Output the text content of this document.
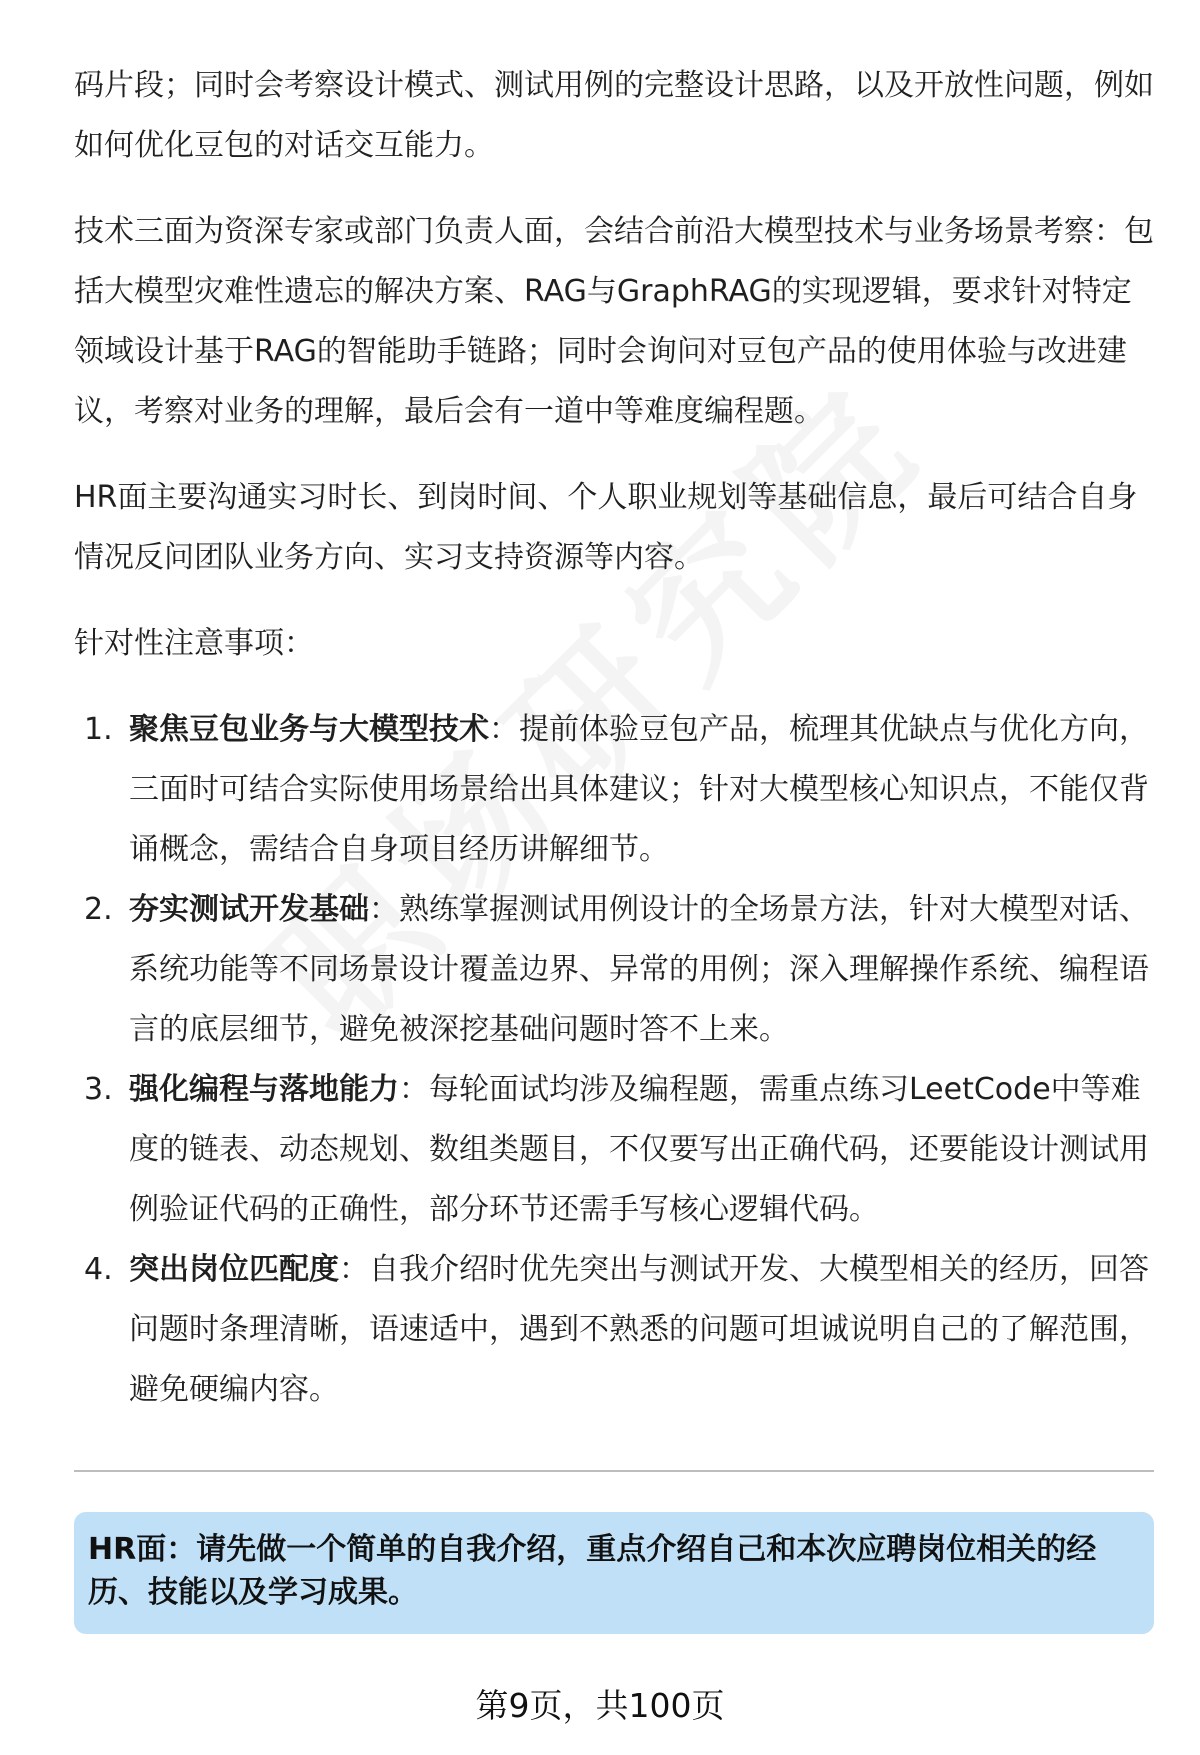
码片段；同时会考察设计模式、测试用例的完整设计思路，以及开放性问题，例如如何优化豆包的对话交互能力。

技术三面为资深专家或部门负责人面，会结合前沿大模型技术与业务场景考察：包括大模型灾难性遗忘的解决方案、RAG与GraphRAG的实现逻辑，要求针对特定领域设计基于RAG的智能助手链路；同时会询问对豆包产品的使用体验与改进建议，考察对业务的理解，最后会有一道中等难度编程题。

HR面主要沟通实习时长、到岗时间、个人职业规划等基础信息，最后可结合自身情况反问团队业务方向、实习支持资源等内容。

针对性注意事项：

1. 聚焦豆包业务与大模型技术：提前体验豆包产品，梳理其优缺点与优化方向，三面时可结合实际使用场景给出具体建议；针对大模型核心知识点，不能仅背诵概念，需结合自身项目经历讲解细节。
2. 夯实测试开发基础：熟练掌握测试用例设计的全场景方法，针对大模型对话、系统功能等不同场景设计覆盖边界、异常的用例；深入理解操作系统、编程语言的底层细节，避免被深挖基础问题时答不上来。
3. 强化编程与落地能力：每轮面试均涉及编程题，需重点练习LeetCode中等难度的链表、动态规划、数组类题目，不仅要写出正确代码，还要能设计测试用例验证代码的正确性，部分环节还需手写核心逻辑代码。
4. 突出岗位匹配度：自我介绍时优先突出与测试开发、大模型相关的经历，回答问题时条理清晰，语速适中，遇到不熟悉的问题可坦诚说明自己的了解范围，避免硬编内容。
HR面：请先做一个简单的自我介绍，重点介绍自己和本次应聘岗位相关的经历、技能以及学习成果。
第9页，共100页
